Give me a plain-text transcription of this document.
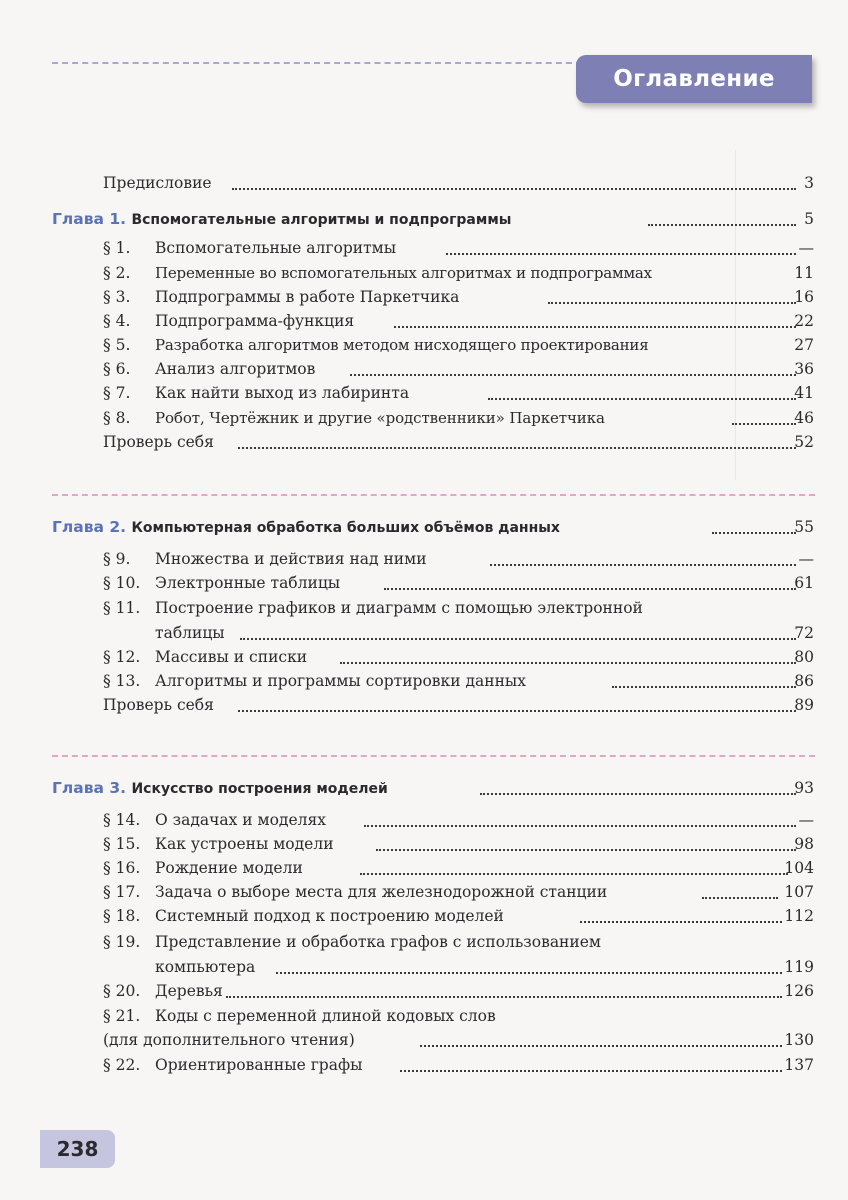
Оглавление
Предисловие	3
Глава 1. Вспомогательные алгоритмы и подпрограммы	5
§ 1. Вспомогательные алгоритмы	—
§ 2. Переменные во вспомогательных алгоритмах и подпрограммах	11
§ 3. Подпрограммы в работе Паркетчика	16
§ 4. Подпрограмма-функция	22
§ 5. Разработка алгоритмов методом нисходящего проектирования	27
§ 6. Анализ алгоритмов	36
§ 7. Как найти выход из лабиринта	41
§ 8. Робот, Чертёжник и другие «родственники» Паркетчика	46
Проверь себя	52
Глава 2. Компьютерная обработка больших объёмов данных	55
§ 9. Множества и действия над ними	—
§ 10. Электронные таблицы	61
§ 11. Построение графиков и диаграмм с помощью электронной
таблицы	72
§ 12. Массивы и списки	80
§ 13. Алгоритмы и программы сортировки данных	86
Проверь себя	89
Глава 3. Искусство построения моделей	93
§ 14. О задачах и моделях	—
§ 15. Как устроены модели	98
§ 16. Рождение модели	104
§ 17. Задача о выборе места для железнодорожной станции	107
§ 18. Системный подход к построению моделей	112
§ 19. Представление и обработка графов с использованием
компьютера	119
§ 20. Деревья	126
§ 21. Коды с переменной длиной кодовых слов
(для дополнительного чтения)	130
§ 22. Ориентированные графы	137
238
